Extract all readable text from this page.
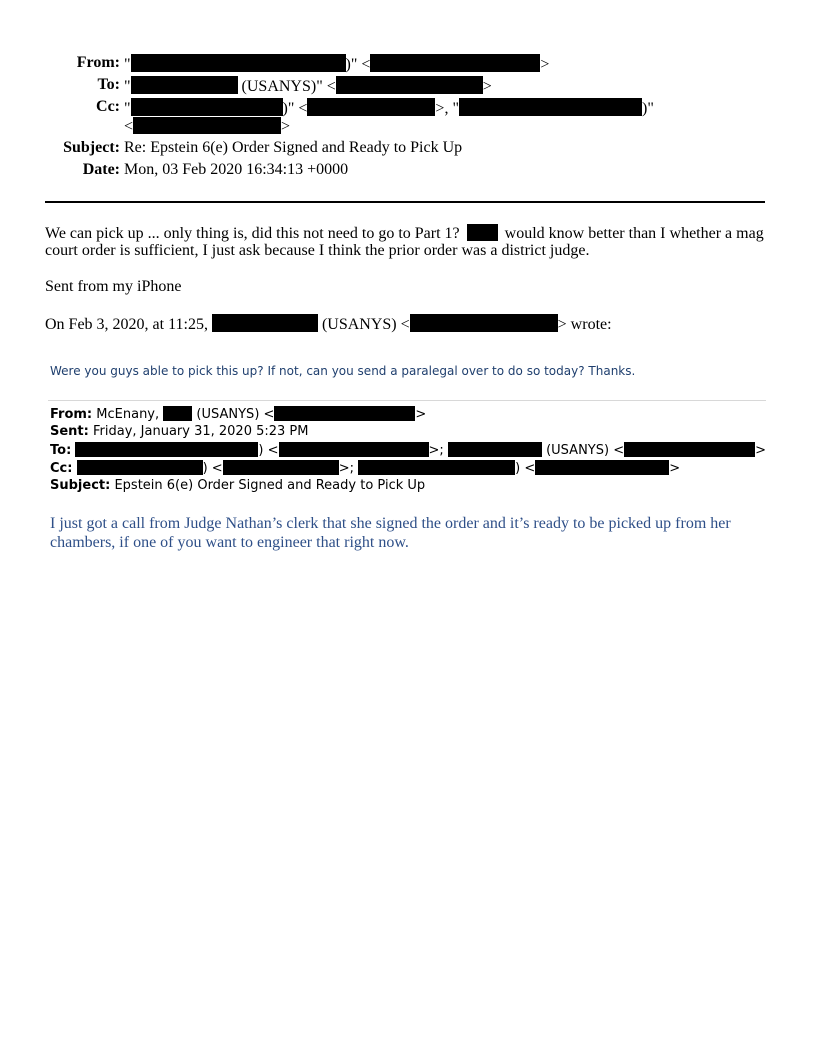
From: "	)" <	>
To: "	(USANYS)" <	>
Cc: "	)" <	>, "	)"
<	>
Subject: Re: Epstein 6(e) Order Signed and Ready to Pick Up
Date: Mon, 03 Feb 2020 16:34:13 +0000
We can pick up ... only thing is, did this not need to go to Part 1?	would know better than I whether a mag
court order is sufficient, I just ask because I think the prior order was a district judge.
Sent from my iPhone
On Feb 3, 2020, at 11:25,	(USANYS) <	> wrote:
Were you guys able to pick this up? If not, can you send a paralegal over to do so today? Thanks.
From: McEnany,	(USANYS) <	>
Sent: Friday, January 31, 2020 5:23 PM
To:	) <	>;	(USANYS) <	>
Cc:	) <	>;	) <	>
Subject: Epstein 6(e) Order Signed and Ready to Pick Up
I just got a call from Judge Nathan’s clerk that she signed the order and it’s ready to be picked up from her
chambers, if one of you want to engineer that right now.
